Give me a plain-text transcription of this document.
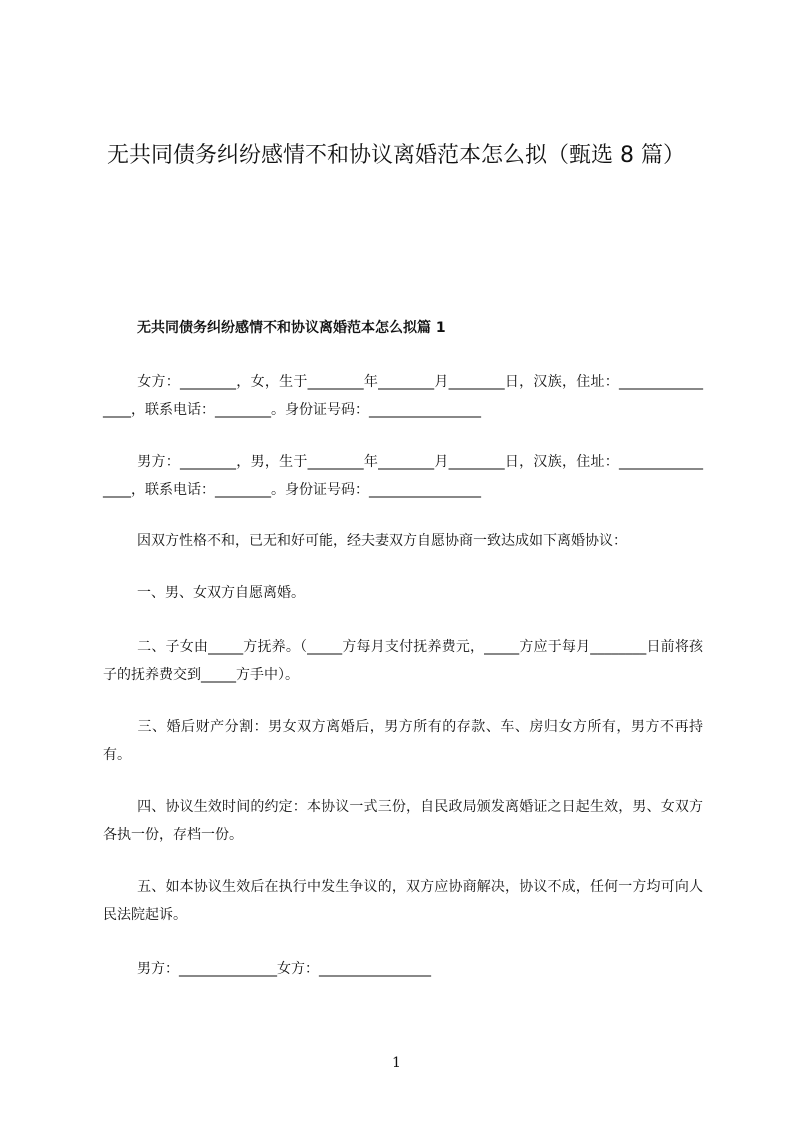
无共同债务纠纷感情不和协议离婚范本怎么拟（甄选 8 篇）
无共同债务纠纷感情不和协议离婚范本怎么拟篇 1
女方：________，女，生于________年________月________日，汉族，住址：________________，联系电话：________。身份证号码：________________
男方：________，男，生于________年________月________日，汉族，住址：________________，联系电话：________。身份证号码：________________
因双方性格不和，已无和好可能，经夫妻双方自愿协商一致达成如下离婚协议：
一、男、女双方自愿离婚。
二、子女由_____方抚养。（_____方每月支付抚养费元，_____方应于每月________日前将孩子的抚养费交到_____方手中）。
三、婚后财产分割：男女双方离婚后，男方所有的存款、车、房归女方所有，男方不再持有。
四、协议生效时间的约定：本协议一式三份，自民政局颁发离婚证之日起生效，男、女双方各执一份，存档一份。
五、如本协议生效后在执行中发生争议的，双方应协商解决，协议不成，任何一方均可向人民法院起诉。
男方：______________女方：________________
1
